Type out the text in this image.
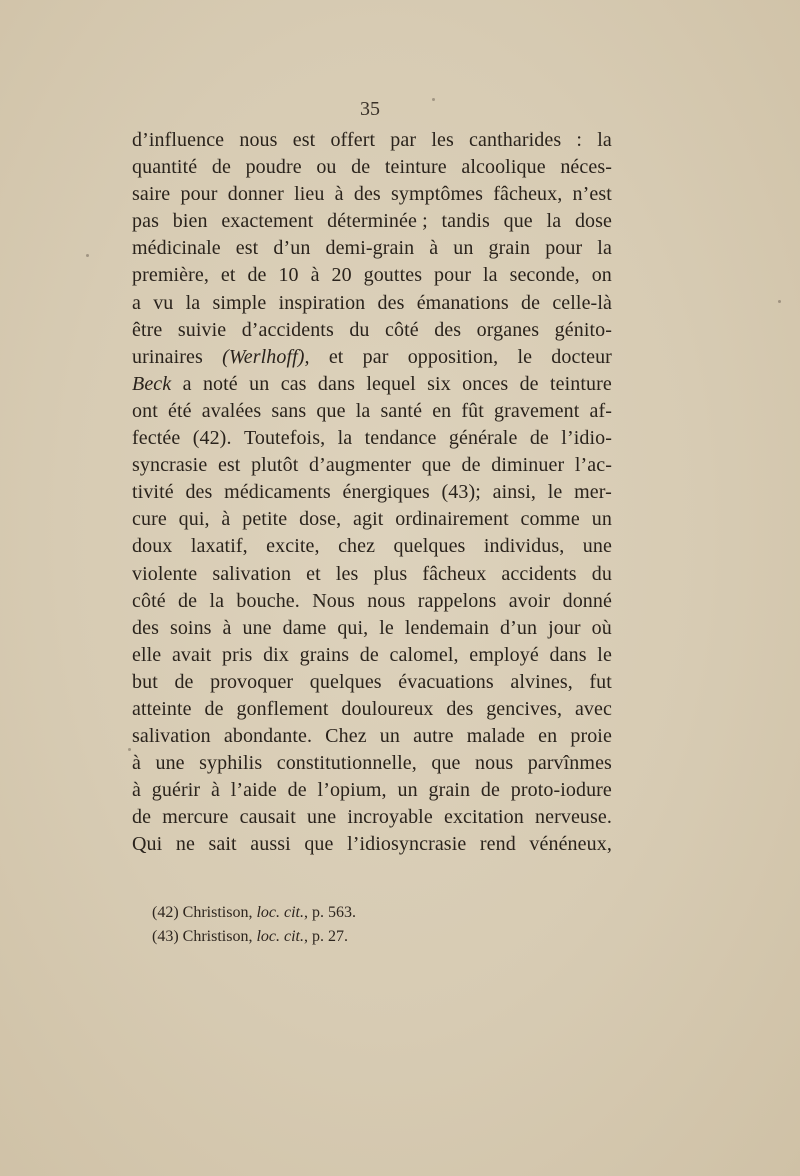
35
d’influence nous est offert par les cantharides : la
quantité de poudre ou de teinture alcoolique néces-
saire pour donner lieu à des symptômes fâcheux, n’est
pas bien exactement déterminée ; tandis que la dose
médicinale est d’un demi-grain à un grain pour la
première, et de 10 à 20 gouttes pour la seconde, on
a vu la simple inspiration des émanations de celle-là
être suivie d’accidents du côté des organes génito-
urinaires (Werlhoff), et par opposition, le docteur
Beck a noté un cas dans lequel six onces de teinture
ont été avalées sans que la santé en fût gravement af-
fectée (42). Toutefois, la tendance générale de l’idio-
syncrasie est plutôt d’augmenter que de diminuer l’ac-
tivité des médicaments énergiques (43); ainsi, le mer-
cure qui, à petite dose, agit ordinairement comme un
doux laxatif, excite, chez quelques individus, une
violente salivation et les plus fâcheux accidents du
côté de la bouche. Nous nous rappelons avoir donné
des soins à une dame qui, le lendemain d’un jour où
elle avait pris dix grains de calomel, employé dans le
but de provoquer quelques évacuations alvines, fut
atteinte de gonflement douloureux des gencives, avec
salivation abondante. Chez un autre malade en proie
à une syphilis constitutionnelle, que nous parvînmes
à guérir à l’aide de l’opium, un grain de proto-iodure
de mercure causait une incroyable excitation nerveuse.
Qui ne sait aussi que l’idiosyncrasie rend vénéneux,
(42) Christison, loc. cit., p. 563.
(43) Christison, loc. cit., p. 27.
